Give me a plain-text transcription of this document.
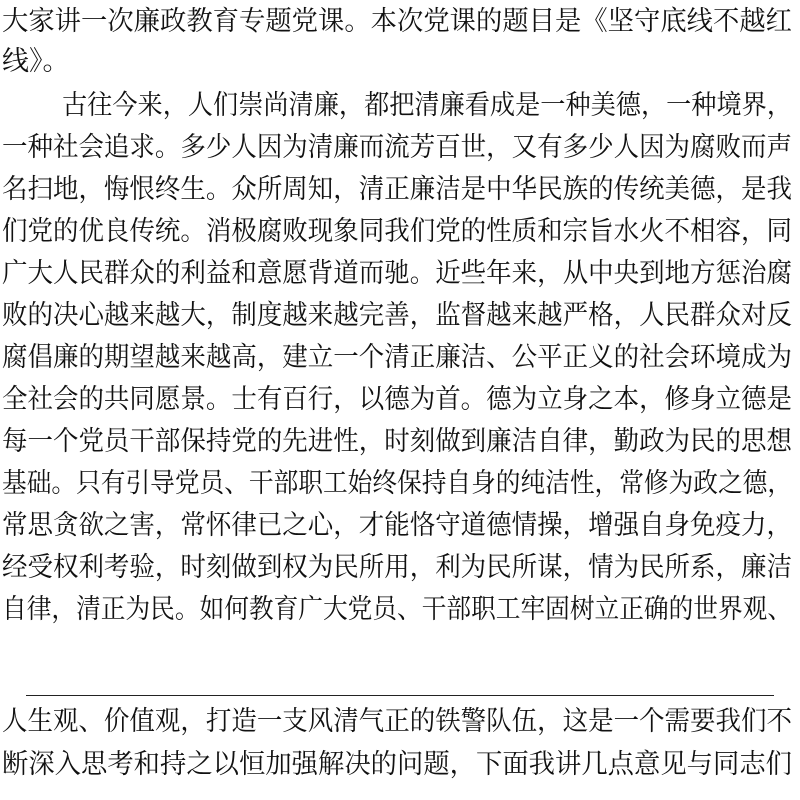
大家讲一次廉政教育专题党课。本次党课的题目是《坚守底线不越红
线》。
古往今来，人们崇尚清廉，都把清廉看成是一种美德，一种境界，
一种社会追求。多少人因为清廉而流芳百世，又有多少人因为腐败而声
名扫地，悔恨终生。众所周知，清正廉洁是中华民族的传统美德，是我
们党的优良传统。消极腐败现象同我们党的性质和宗旨水火不相容，同
广大人民群众的利益和意愿背道而驰。近些年来，从中央到地方惩治腐
败的决心越来越大，制度越来越完善，监督越来越严格，人民群众对反
腐倡廉的期望越来越高，建立一个清正廉洁、公平正义的社会环境成为
全社会的共同愿景。士有百行，以德为首。德为立身之本，修身立德是
每一个党员干部保持党的先进性，时刻做到廉洁自律，勤政为民的思想
基础。只有引导党员、干部职工始终保持自身的纯洁性，常修为政之德，
常思贪欲之害，常怀律已之心，才能恪守道德情操，增强自身免疫力，
经受权利考验，时刻做到权为民所用，利为民所谋，情为民所系，廉洁
自律，清正为民。如何教育广大党员、干部职工牢固树立正确的世界观、
人生观、价值观，打造一支风清气正的铁警队伍，这是一个需要我们不
断深入思考和持之以恒加强解决的问题，下面我讲几点意见与同志们
